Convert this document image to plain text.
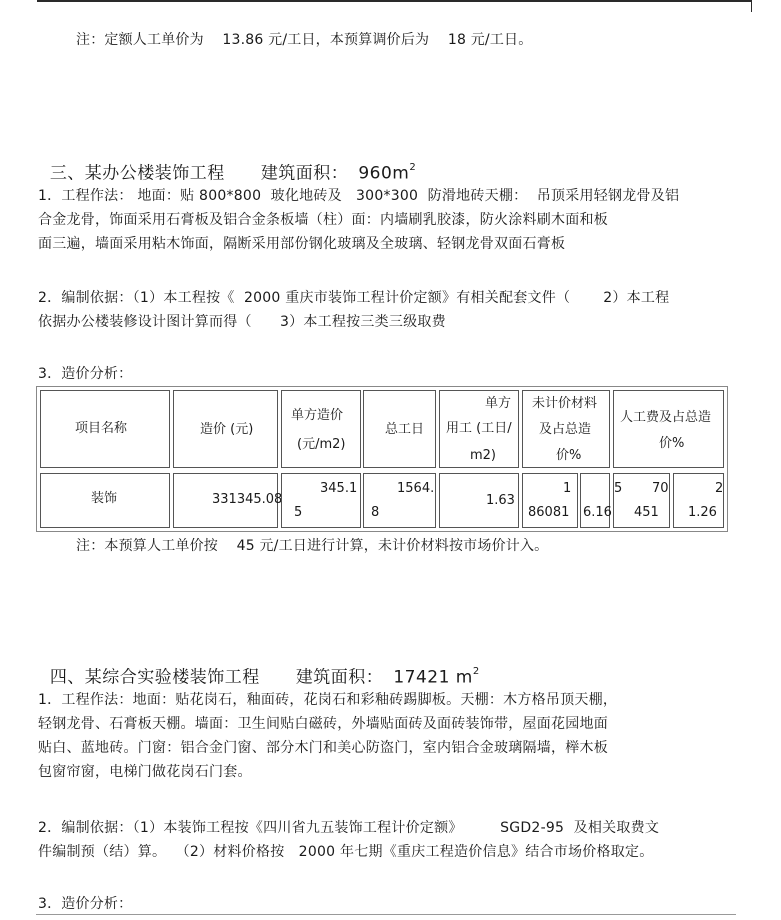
注：定额人工单价为    13.86 元/工日，本预算调价后为    18 元/工日。

三、某办公楼装饰工程 建筑面积： $960m^2$

1．工程作法： 地面：贴 800*800  玻化地砖及   300*300  防滑地砖天棚：  吊顶采用轻钢龙骨及铝
合金龙骨，饰面采用石膏板及铝合金条板墙（柱）面：内墙刷乳胶漆，防火涂料刷木面和板
面三遍，墙面采用粘木饰面，隔断采用部份钢化玻璃及全玻璃、轻钢龙骨双面石膏板
2．编制依据：（1）本工程按《  2000 重庆市装饰工程计价定额》有相关配套文件（       2）本工程
依据办公楼装修设计图计算而得（      3）本工程按三类三级取费
3．造价分析：
项目名称	造价 (元)
单方造价
(元/m2)
总工日
单方
用工 (工日/
m2)
未计价材料
及占总造
价%
人工费及占总造
价%
装饰	331345.08
345.1
5
1564.
8
1.63
1
86081 6.16
5 70
451
2
1.26
注：本预算人工单价按    45 元/工日进行计算，未计价材料按市场价计入。

四、某综合实验楼装饰工程 建筑面积： 17421 $m^2$

1．工程作法：地面：贴花岗石，釉面砖，花岗石和彩釉砖踢脚板。天棚：木方格吊顶天棚，
轻钢龙骨、石膏板天棚。墙面：卫生间贴白磁砖，外墙贴面砖及面砖装饰带，屋面花园地面
贴白、蓝地砖。门窗：铝合金门窗、部分木门和美心防盗门，室内铝合金玻璃隔墙，榉木板
包窗帘窗，电梯门做花岗石门套。
2．编制依据：（1）本装饰工程按《四川省九五装饰工程计价定额》        SGD2-95  及相关取费文
件编制预（结）算。  （2）材料价格按   2000 年七期《重庆工程造价信息》结合市场价格取定。
3．造价分析：
